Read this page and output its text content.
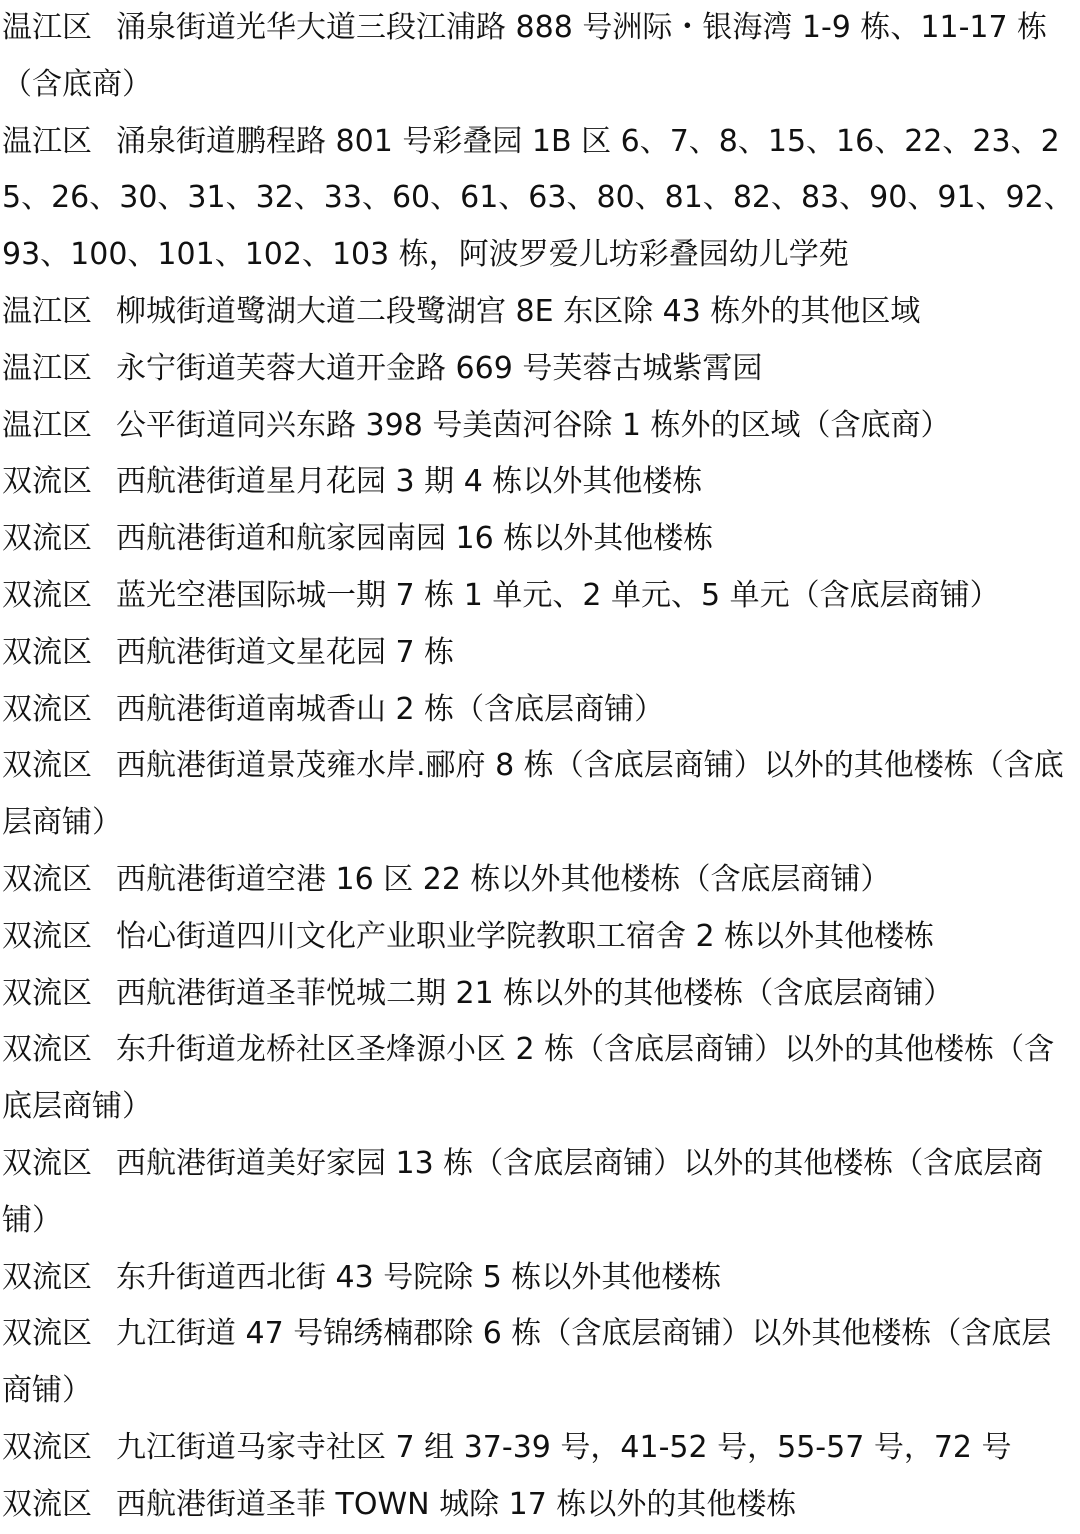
温江区 涌泉街道光华大道三段江浦路 888 号洲际・银海湾 1-9 栋、11-17 栋（含底商）
温江区 涌泉街道鹏程路 801 号彩叠园 1B 区 6、7、8、15、16、22、23、25、26、30、31、32、33、60、61、63、80、81、82、83、90、91、92、93、100、101、102、103 栋，阿波罗爱儿坊彩叠园幼儿学苑
温江区 柳城街道鹭湖大道二段鹭湖宫 8E 东区除 43 栋外的其他区域
温江区 永宁街道芙蓉大道开金路 669 号芙蓉古城紫霄园
温江区 公平街道同兴东路 398 号美茵河谷除 1 栋外的区域（含底商）
双流区 西航港街道星月花园 3 期 4 栋以外其他楼栋
双流区 西航港街道和航家园南园 16 栋以外其他楼栋
双流区 蓝光空港国际城一期 7 栋 1 单元、2 单元、5 单元（含底层商铺）
双流区 西航港街道文星花园 7 栋
双流区 西航港街道南城香山 2 栋（含底层商铺）
双流区 西航港街道景茂雍水岸.郦府 8 栋（含底层商铺）以外的其他楼栋（含底层商铺）
双流区 西航港街道空港 16 区 22 栋以外其他楼栋（含底层商铺）
双流区 怡心街道四川文化产业职业学院教职工宿舍 2 栋以外其他楼栋
双流区 西航港街道圣菲悦城二期 21 栋以外的其他楼栋（含底层商铺）
双流区 东升街道龙桥社区圣烽源小区 2 栋（含底层商铺）以外的其他楼栋（含底层商铺）
双流区 西航港街道美好家园 13 栋（含底层商铺）以外的其他楼栋（含底层商铺）
双流区 东升街道西北街 43 号院除 5 栋以外其他楼栋
双流区 九江街道 47 号锦绣楠郡除 6 栋（含底层商铺）以外其他楼栋（含底层商铺）
双流区 九江街道马家寺社区 7 组 37-39 号，41-52 号，55-57 号，72 号
双流区 西航港街道圣菲 TOWN 城除 17 栋以外的其他楼栋
